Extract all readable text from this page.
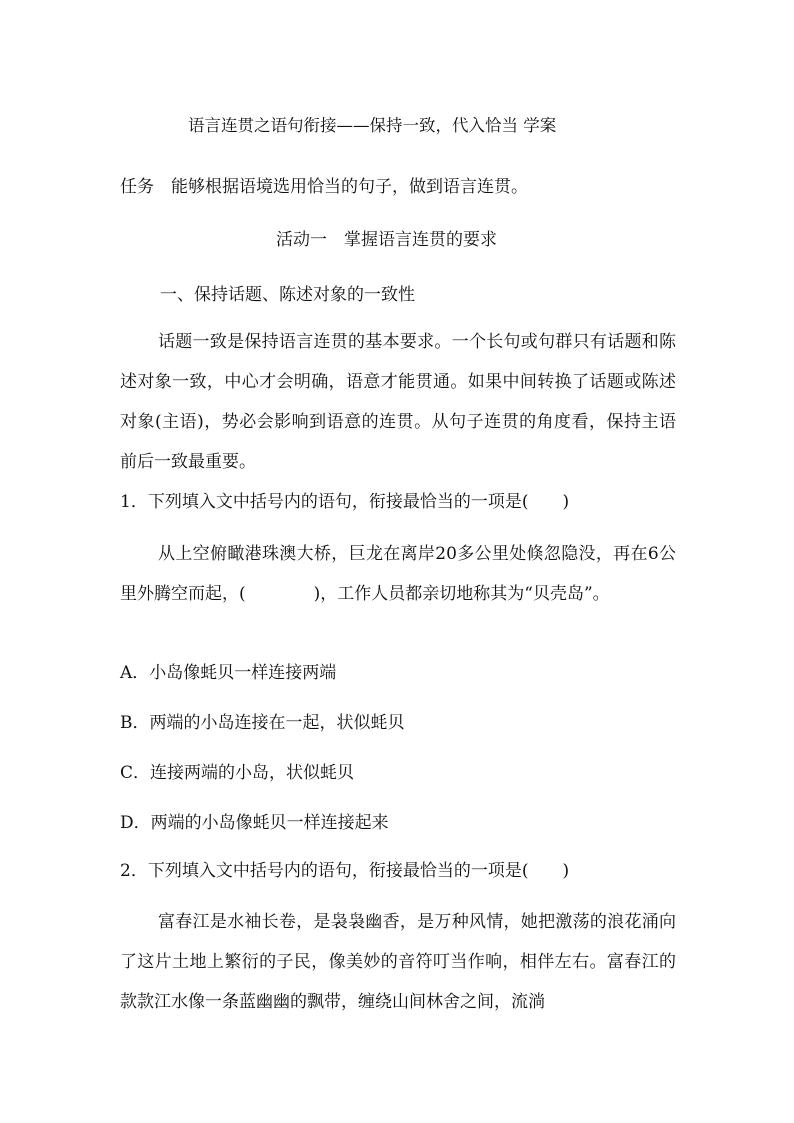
语言连贯之语句衔接——保持一致，代入恰当 学案
任务　能够根据语境选用恰当的句子，做到语言连贯。
活动一　掌握语言连贯的要求
一、保持话题、陈述对象的一致性
话题一致是保持语言连贯的基本要求。一个长句或句群只有话题和陈述对象一致，中心才会明确，语意才能贯通。如果中间转换了话题或陈述对象(主语)，势必会影响到语意的连贯。从句子连贯的角度看，保持主语前后一致最重要。
1．下列填入文中括号内的语句，衔接最恰当的一项是(　　)
从上空俯瞰港珠澳大桥，巨龙在离岸20多公里处倏忽隐没，再在6公里外腾空而起，(　　　　)，工作人员都亲切地称其为“贝壳岛”。
A．小岛像蚝贝一样连接两端
B．两端的小岛连接在一起，状似蚝贝
C．连接两端的小岛，状似蚝贝
D．两端的小岛像蚝贝一样连接起来
2．下列填入文中括号内的语句，衔接最恰当的一项是(　　)
富春江是水袖长卷，是袅袅幽香，是万种风情，她把激荡的浪花涌向了这片土地上繁衍的子民，像美妙的音符叮当作响，相伴左右。富春江的款款江水像一条蓝幽幽的飘带，缠绕山间林舍之间，流淌
